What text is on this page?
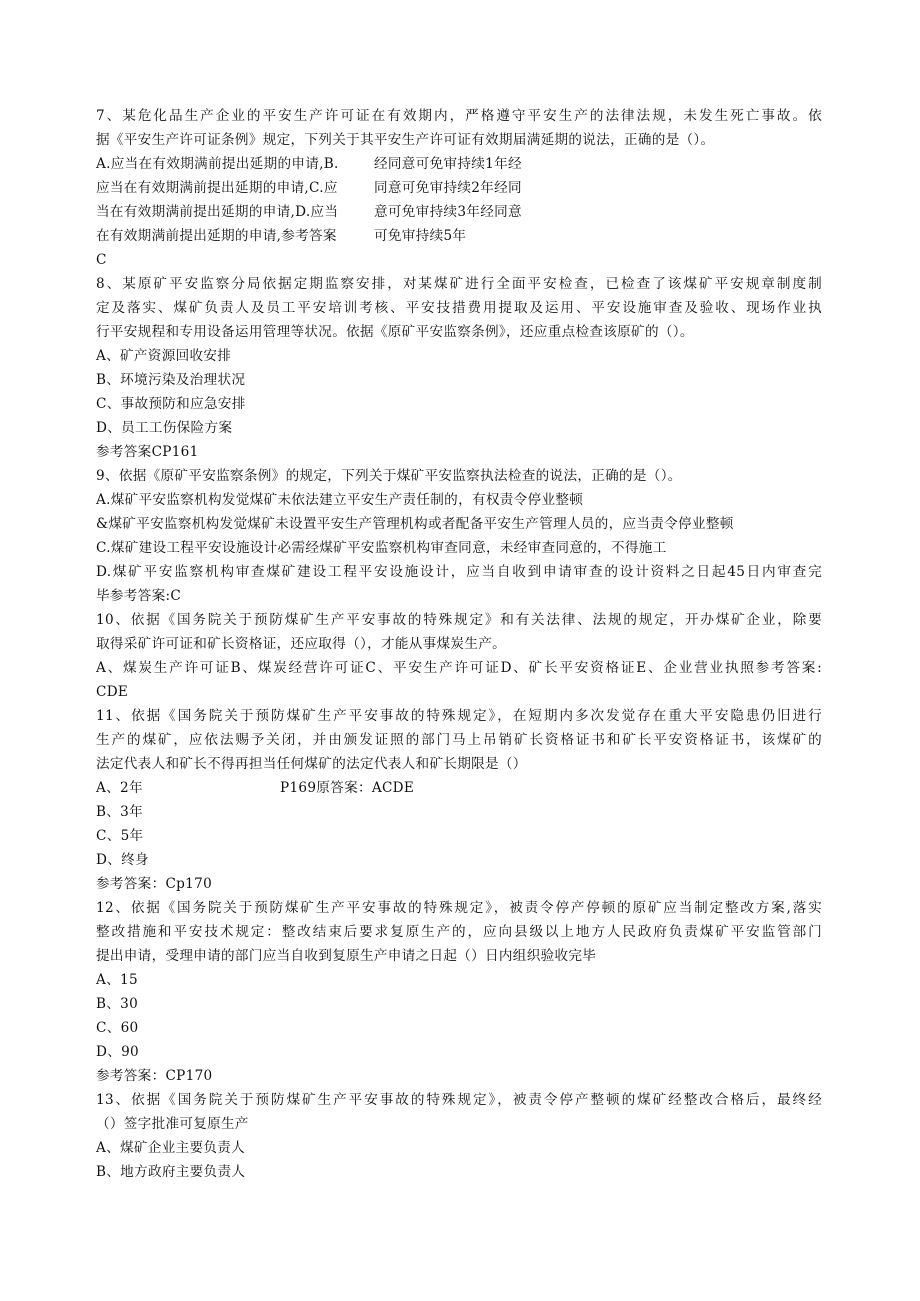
7、某危化品生产企业的平安生产许可证在有效期内，严格遵守平安生产的法律法规，未发生死亡事故。依
据《平安生产许可证条例》规定，下列关于其平安生产许可证有效期届满延期的说法，正确的是（）。
A.应当在有效期满前提出延期的申请,B.
应当在有效期满前提出延期的申请,C.应
当在有效期满前提出延期的申请,D.应当
在有效期满前提出延期的申请,参考答案
C
经同意可免审持续1年经
同意可免审持续2年经同
意可免审持续3年经同意
可免审持续5年
8、某原矿平安监察分局依据定期监察安排，对某煤矿进行全面平安检查，已检查了该煤矿平安规章制度制
定及落实、煤矿负责人及员工平安培训考核、平安技措费用提取及运用、平安设施审查及验收、现场作业执
行平安规程和专用设备运用管理等状况。依据《原矿平安监察条例》，还应重点检查该原矿的（）。
A、矿产资源回收安排
B、环境污染及治理状况
C、事故预防和应急安排
D、员工工伤保险方案
参考答案CP161
9、依据《原矿平安监察条例》的规定，下列关于煤矿平安监察执法检查的说法，正确的是（）。
A.煤矿平安监察机构发觉煤矿未依法建立平安生产责任制的，有权责令停业整顿
&煤矿平安监察机构发觉煤矿未设置平安生产管理机构或者配备平安生产管理人员的，应当责令停业整顿
C.煤矿建设工程平安设施设计必需经煤矿平安监察机构审查同意，未经审查同意的，不得施工
D.煤矿平安监察机构审查煤矿建设工程平安设施设计，应当自收到申请审查的设计资料之日起45日内审查完
毕参考答案:C
10、依据《国务院关于预防煤矿生产平安事故的特殊规定》和有关法律、法规的规定，开办煤矿企业，除要
取得采矿许可证和矿长资格证，还应取得（），才能从事煤炭生产。
A、煤炭生产许可证B、煤炭经营许可证C、平安生产许可证D、矿长平安资格证E、企业营业执照参考答案:
CDE
11、依据《国务院关于预防煤矿生产平安事故的特殊规定》，在短期内多次发觉存在重大平安隐患仍旧进行
生产的煤矿，应依法赐予关闭，并由颁发证照的部门马上吊销矿长资格证书和矿长平安资格证书，该煤矿的
法定代表人和矿长不得再担当任何煤矿的法定代表人和矿长期限是（）
A、2年	P169原答案：ACDE
B、3年
C、5年
D、终身
参考答案：Cp170
12、依据《国务院关于预防煤矿生产平安事故的特殊规定》，被责令停产停顿的原矿应当制定整改方案,落实
整改措施和平安技术规定：整改结束后要求复原生产的，应向县级以上地方人民政府负责煤矿平安监管部门
提出申请，受理申请的部门应当自收到复原生产申请之日起（）日内组织验收完毕
A、15
B、30
C、60
D、90
参考答案：CP170
13、依据《国务院关于预防煤矿生产平安事故的特殊规定》，被责令停产整顿的煤矿经整改合格后，最终经
（）签字批准可复原生产
A、煤矿企业主要负责人
B、地方政府主要负责人
